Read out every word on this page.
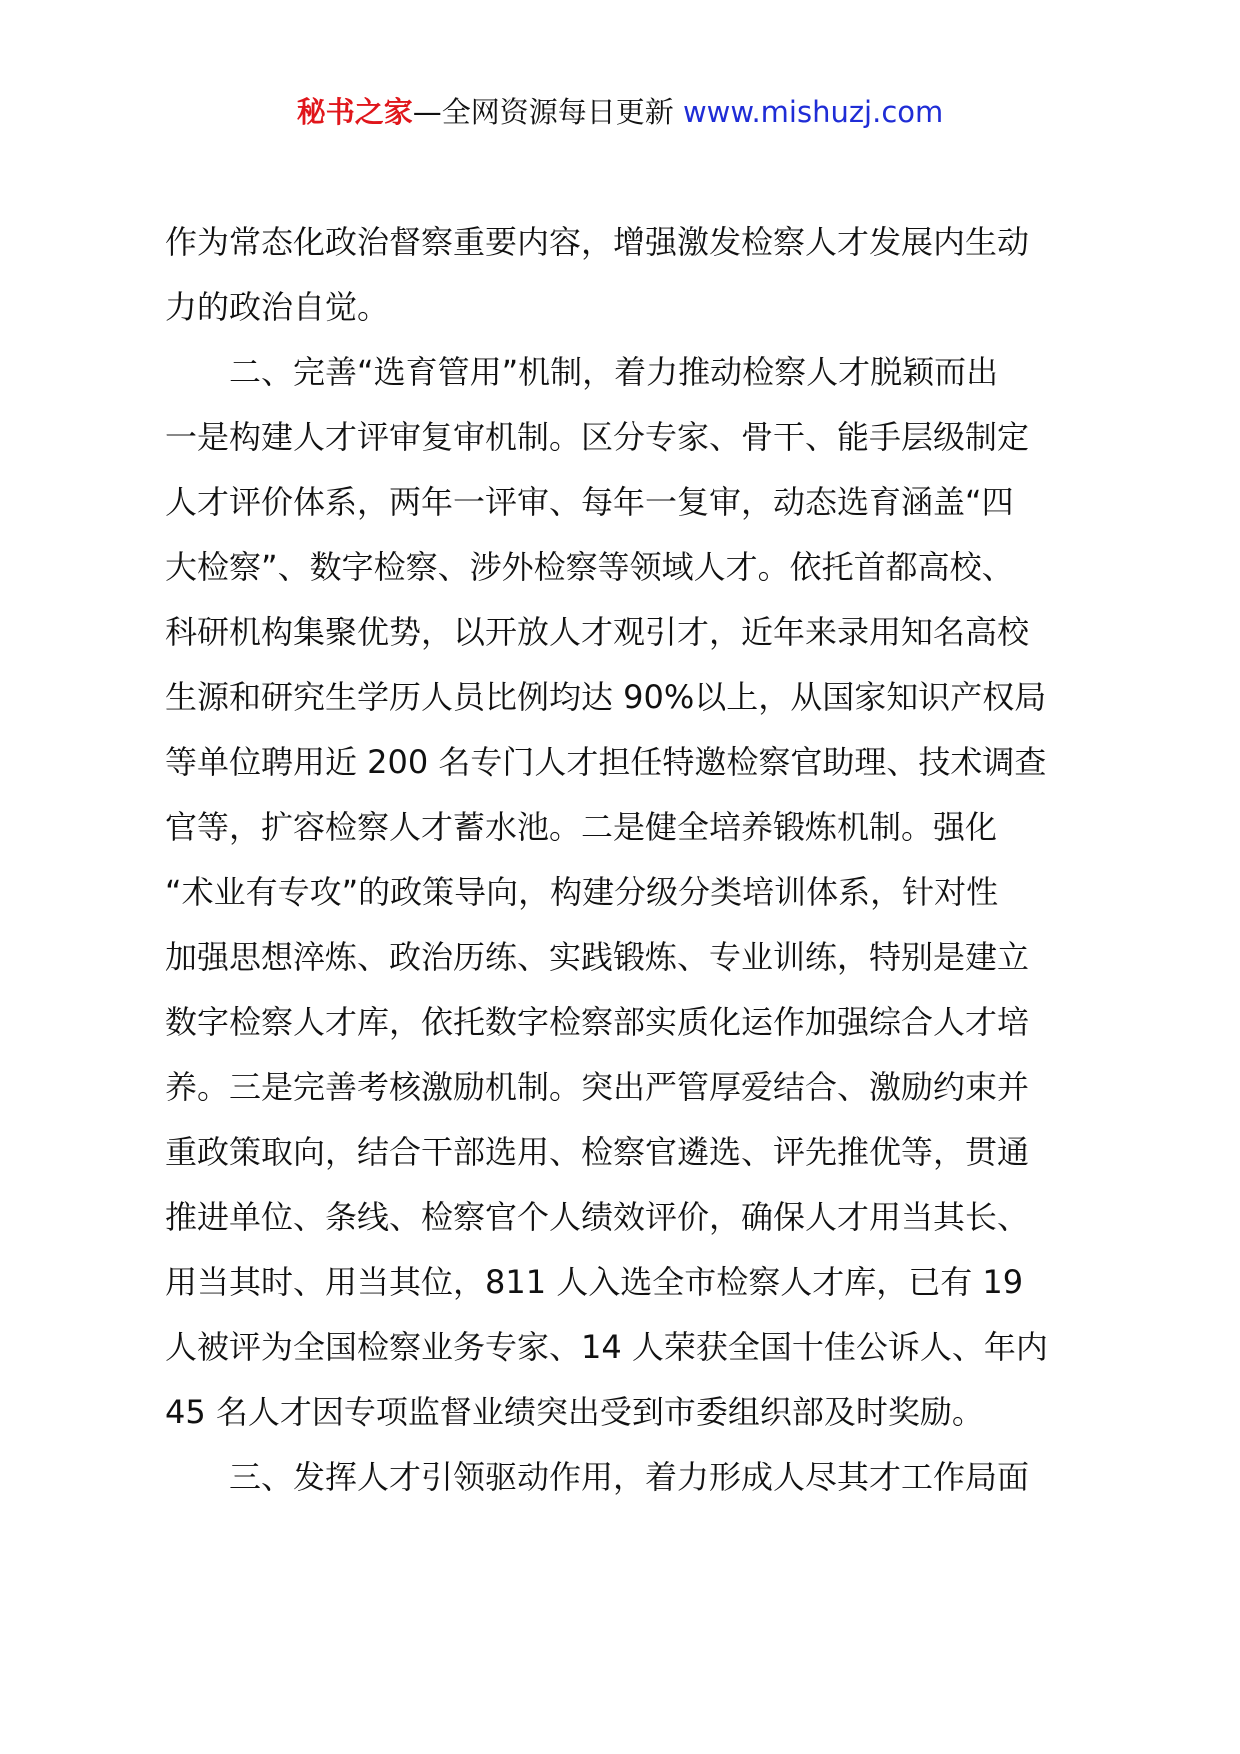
秘书之家—全网资源每日更新 www.mishuzj.com
作为常态化政治督察重要内容，增强激发检察人才发展内生动
力的政治自觉。
二、完善“选育管用”机制，着力推动检察人才脱颖而出
一是构建人才评审复审机制。区分专家、骨干、能手层级制定
人才评价体系，两年一评审、每年一复审，动态选育涵盖“四
大检察”、数字检察、涉外检察等领域人才。依托首都高校、
科研机构集聚优势，以开放人才观引才，近年来录用知名高校
生源和研究生学历人员比例均达 90%以上，从国家知识产权局
等单位聘用近 200 名专门人才担任特邀检察官助理、技术调查
官等，扩容检察人才蓄水池。二是健全培养锻炼机制。强化
“术业有专攻”的政策导向，构建分级分类培训体系，针对性
加强思想淬炼、政治历练、实践锻炼、专业训练，特别是建立
数字检察人才库，依托数字检察部实质化运作加强综合人才培
养。三是完善考核激励机制。突出严管厚爱结合、激励约束并
重政策取向，结合干部选用、检察官遴选、评先推优等，贯通
推进单位、条线、检察官个人绩效评价，确保人才用当其长、
用当其时、用当其位，811 人入选全市检察人才库，已有 19
人被评为全国检察业务专家、14 人荣获全国十佳公诉人、年内
45 名人才因专项监督业绩突出受到市委组织部及时奖励。
三、发挥人才引领驱动作用，着力形成人尽其才工作局面
